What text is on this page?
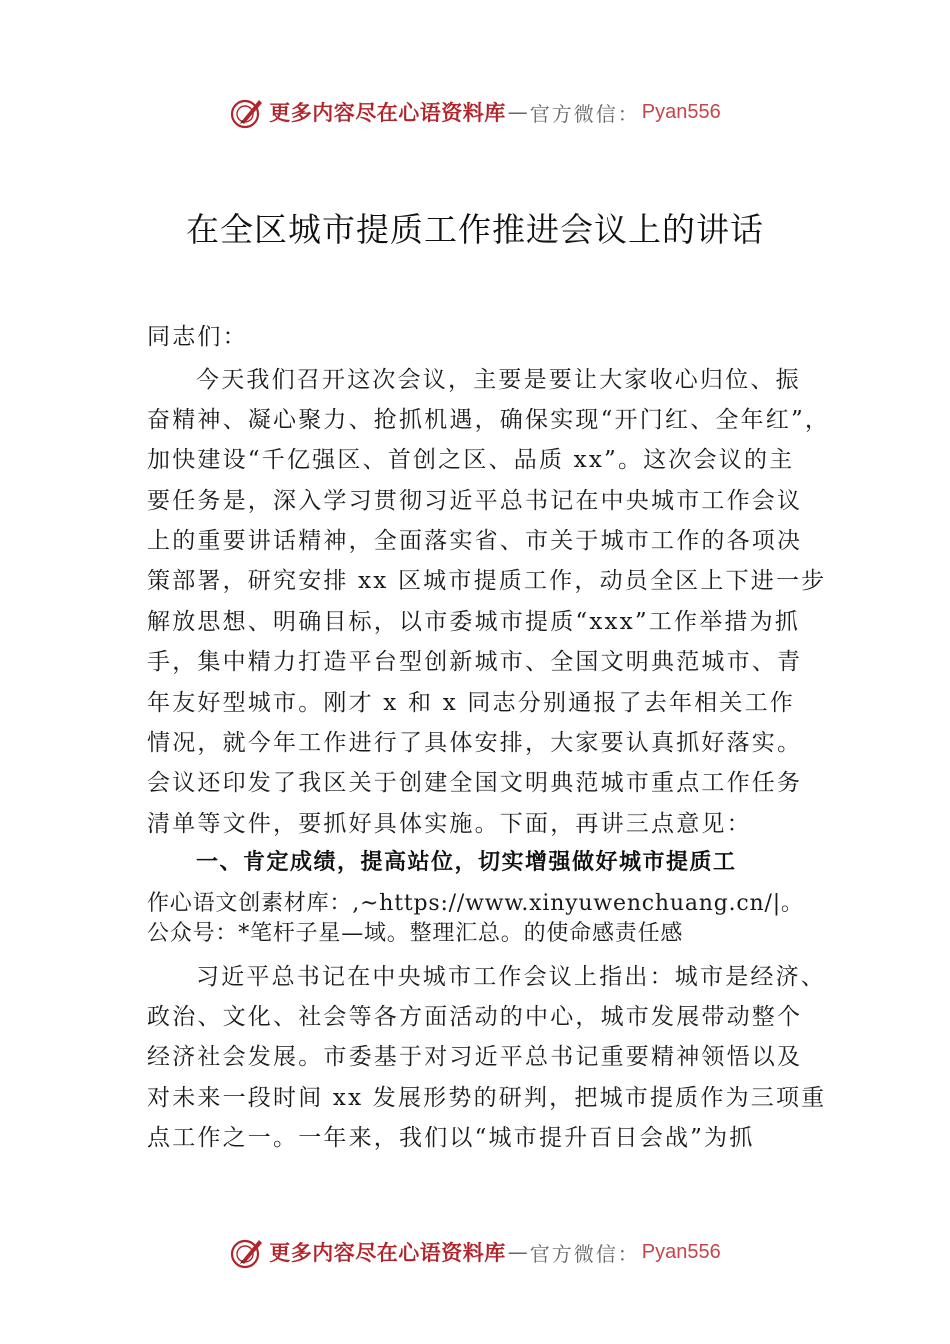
更多内容尽在心语资料库 — 官方微信： Pyan556
在全区城市提质工作推进会议上的讲话
同志们：
今天我们召开这次会议，主要是要让大家收心归位、振
奋精神、凝心聚力、抢抓机遇，确保实现“开门红、全年红”，
加快建设“千亿强区、首创之区、品质 xx”。这次会议的主
要任务是，深入学习贯彻习近平总书记在中央城市工作会议
上的重要讲话精神，全面落实省、市关于城市工作的各项决
策部署，研究安排 xx 区城市提质工作，动员全区上下进一步
解放思想、明确目标，以市委城市提质“xxx”工作举措为抓
手，集中精力打造平台型创新城市、全国文明典范城市、青
年友好型城市。刚才 x 和 x 同志分别通报了去年相关工作
情况，就今年工作进行了具体安排，大家要认真抓好落实。
会议还印发了我区关于创建全国文明典范城市重点工作任务
清单等文件，要抓好具体实施。下面，再讲三点意见：
一、肯定成绩，提高站位，切实增强做好城市提质工
作心语文创素材库：,~https://www.xinyuwenchuang.cn/|。
公众号：*笔杆子星—域。整理汇总。的使命感责任感
习近平总书记在中央城市工作会议上指出：城市是经济、
政治、文化、社会等各方面活动的中心，城市发展带动整个
经济社会发展。市委基于对习近平总书记重要精神领悟以及
对未来一段时间 xx 发展形势的研判，把城市提质作为三项重
点工作之一。一年来，我们以“城市提升百日会战”为抓
更多内容尽在心语资料库 — 官方微信： Pyan556
